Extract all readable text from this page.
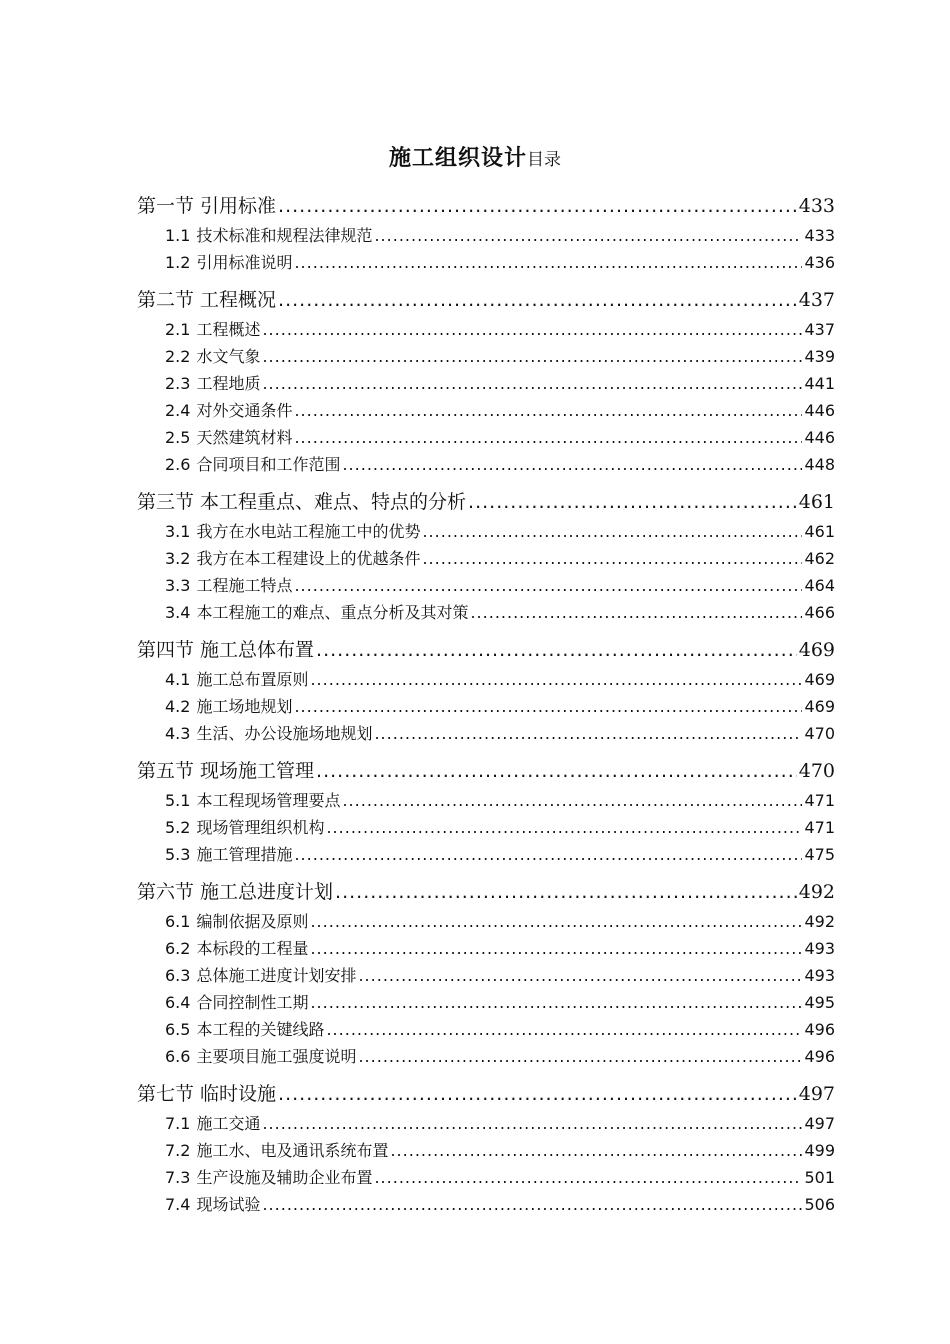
施工组织设计目录
第一节 引用标准 .....	433
1.1 技术标准和规程法律规范 .....	433
1.2 引用标准说明 .....	436
第二节 工程概况 .....	437
2.1 工程概述 .....	437
2.2 水文气象 .....	439
2.3 工程地质 .....	441
2.4 对外交通条件 .....	446
2.5 天然建筑材料 .....	446
2.6 合同项目和工作范围 .....	448
第三节 本工程重点、难点、特点的分析 .....	461
3.1 我方在水电站工程施工中的优势 .....	461
3.2 我方在本工程建设上的优越条件 .....	462
3.3 工程施工特点 .....	464
3.4 本工程施工的难点、重点分析及其对策 .....	466
第四节 施工总体布置 .....	469
4.1 施工总布置原则 .....	469
4.2 施工场地规划 .....	469
4.3 生活、办公设施场地规划 .....	470
第五节 现场施工管理 .....	470
5.1 本工程现场管理要点 .....	471
5.2 现场管理组织机构 .....	471
5.3 施工管理措施 .....	475
第六节 施工总进度计划 .....	492
6.1 编制依据及原则 .....	492
6.2 本标段的工程量 .....	493
6.3 总体施工进度计划安排 .....	493
6.4 合同控制性工期 .....	495
6.5 本工程的关键线路 .....	496
6.6 主要项目施工强度说明 .....	496
第七节 临时设施 .....	497
7.1 施工交通 .....	497
7.2 施工水、电及通讯系统布置 .....	499
7.3 生产设施及辅助企业布置 .....	501
7.4 现场试验 .....	506
